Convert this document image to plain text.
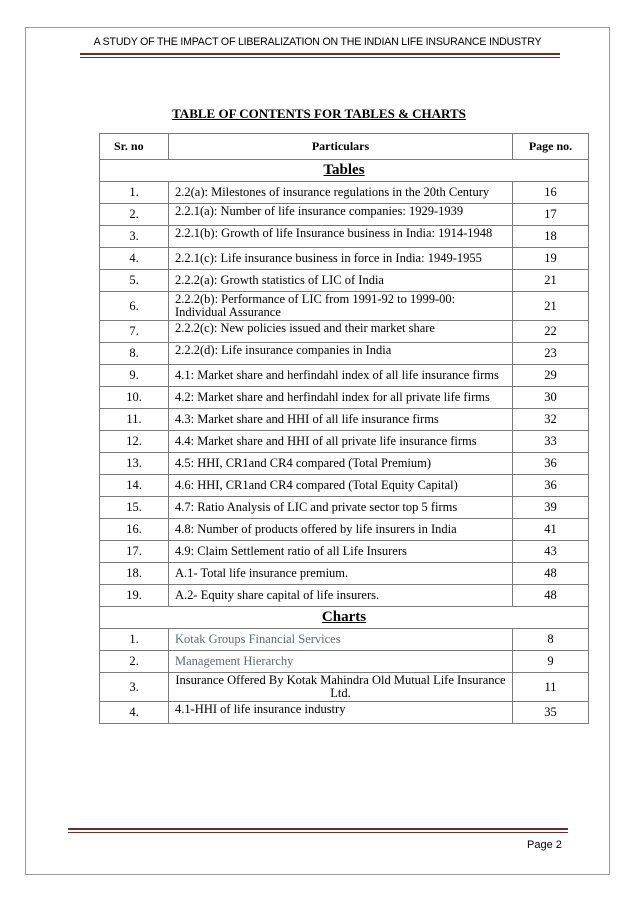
A STUDY OF THE IMPACT OF LIBERALIZATION ON THE INDIAN LIFE INSURANCE INDUSTRY
TABLE OF CONTENTS FOR TABLES & CHARTS
Sr. no	Particulars	Page no.
Tables		
1.	2.2(a): Milestones of insurance regulations in the 20th Century	16
2.	2.2.1(a): Number of life insurance companies: 1929-1939	17
3.	2.2.1(b): Growth of life Insurance business in India: 1914-1948	18
4.	2.2.1(c): Life insurance business in force in India: 1949-1955	19
5.	2.2.2(a): Growth statistics of LIC of India	21
6.	2.2.2(b): Performance of LIC from 1991-92 to 1999-00: Individual Assurance	21
7.	2.2.2(c): New policies issued and their market share	22
8.	2.2.2(d): Life insurance companies in India	23
9.	4.1: Market share and herfindahl index of all life insurance firms	29
10.	4.2: Market share and herfindahl index for all private life firms	30
11.	4.3: Market share and HHI of all life insurance firms	32
12.	4.4: Market share and HHI of all private life insurance firms	33
13.	4.5: HHI, CR1and CR4 compared (Total Premium)	36
14.	4.6: HHI, CR1and CR4 compared (Total Equity Capital)	36
15.	4.7: Ratio Analysis of LIC and private sector top 5 firms	39
16.	4.8: Number of products offered by life insurers in India	41
17.	4.9: Claim Settlement ratio of all Life Insurers	43
18.	A.1- Total life insurance premium.	48
19.	A.2- Equity share capital of life insurers.	48
Charts		
1.	Kotak Groups Financial Services	8
2.	Management Hierarchy	9
3.	Insurance Offered By Kotak Mahindra Old Mutual Life Insurance Ltd.	11
4.	4.1-HHI of life insurance industry	35
Page 2
